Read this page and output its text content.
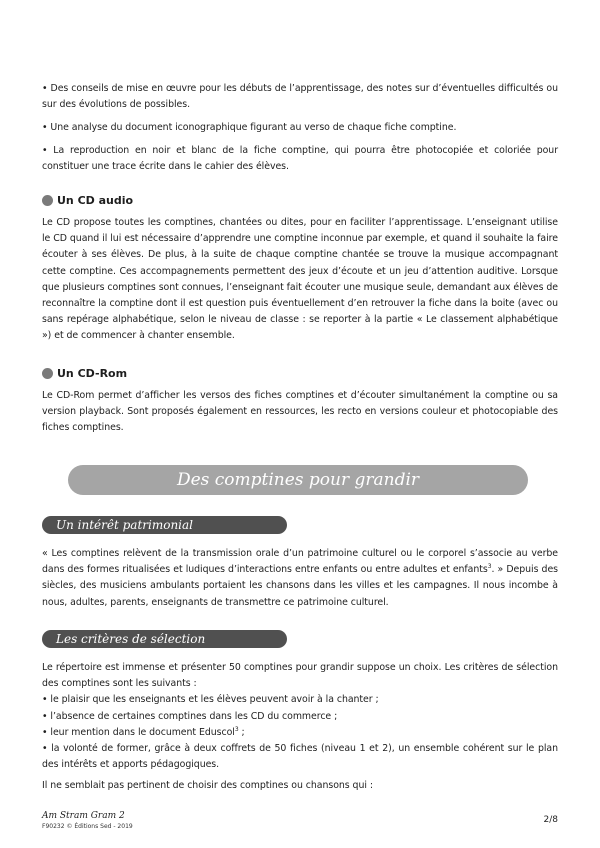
• Des conseils de mise en œuvre pour les débuts de l’apprentissage, des notes sur d’éventuelles difficultés ou sur des évolutions de possibles.

• Une analyse du document iconographique figurant au verso de chaque fiche comptine.

• La reproduction en noir et blanc de la fiche comptine, qui pourra être photocopiée et coloriée pour constituer une trace écrite dans le cahier des élèves.

Un CD audio

Le CD propose toutes les comptines, chantées ou dites, pour en faciliter l’apprentissage. L’enseignant utilise le CD quand il lui est nécessaire d’apprendre une comptine inconnue par exemple, et quand il souhaite la faire écouter à ses élèves. De plus, à la suite de chaque comptine chantée se trouve la musique accompagnant cette comptine. Ces accompagnements permettent des jeux d’écoute et un jeu d’attention auditive. Lorsque que plusieurs comptines sont connues, l’enseignant fait écouter une musique seule, demandant aux élèves de reconnaître la comptine dont il est question puis éventuellement d’en retrouver la fiche dans la boite (avec ou sans repérage alphabétique, selon le niveau de classe : se reporter à la partie « Le classement alphabétique ») et de commencer à chanter ensemble.

Un CD-Rom

Le CD-Rom permet d’afficher les versos des fiches comptines et d’écouter simultanément la comptine ou sa version playback. Sont proposés également en ressources, les recto en versions couleur et photocopiable des fiches comptines.

Des comptines pour grandir
Un intérêt patrimonial

« Les comptines relèvent de la transmission orale d’un patrimoine culturel ou le corporel s’associe au verbe dans des formes ritualisées et ludiques d’interactions entre enfants ou entre adultes et enfants$^3$. » Depuis des siècles, des musiciens ambulants portaient les chansons dans les villes et les campagnes. Il nous incombe à nous, adultes, parents, enseignants de transmettre ce patrimoine culturel.

Les critères de sélection

Le répertoire est immense et présenter 50 comptines pour grandir suppose un choix. Les critères de sélection des comptines sont les suivants :

• le plaisir que les enseignants et les élèves peuvent avoir à la chanter ;

• l’absence de certaines comptines dans les CD du commerce ;

• leur mention dans le document Eduscol$^3$ ;

• la volonté de former, grâce à deux coffrets de 50 fiches (niveau 1 et 2), un ensemble cohérent sur le plan des intérêts et apports pédagogiques.

Il ne semblait pas pertinent de choisir des comptines ou chansons qui :

Am Stram Gram 2
F90232 © Éditions Sed - 2019
2/8
